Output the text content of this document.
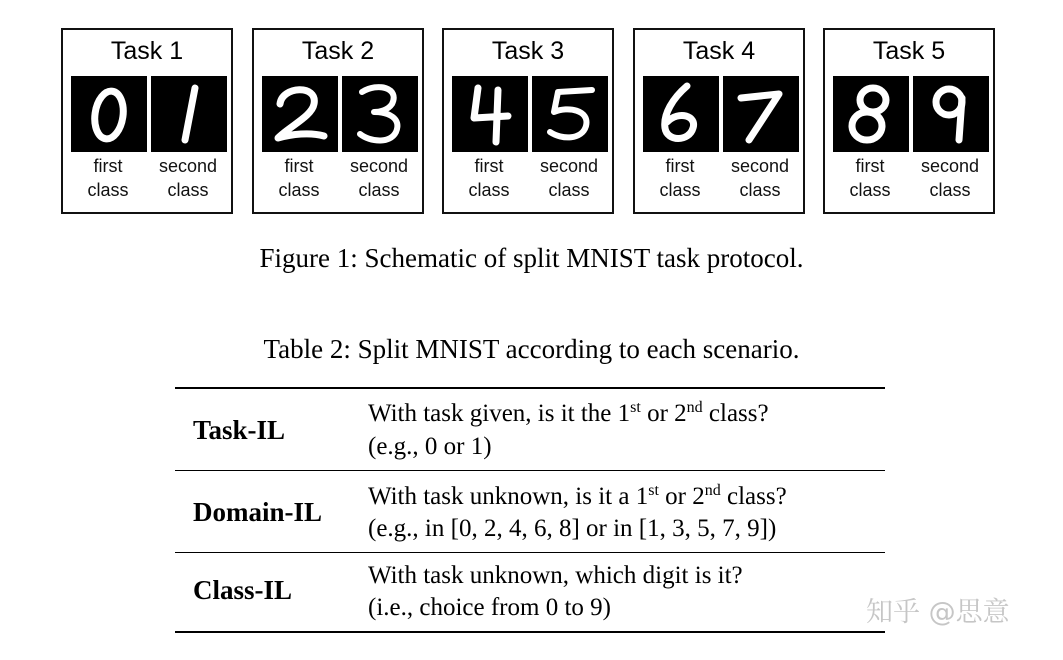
Task 1
first
class
second
class
Task 2
first
class
second
class
Task 3
first
class
second
class
Task 4
first
class
second
class
Task 5
first
class
second
class
Figure 1: Schematic of split MNIST task protocol.
Table 2: Split MNIST according to each scenario.
Task-IL
With task given, is it the 1st or 2nd class?
(e.g., 0 or 1)
Domain-IL
With task unknown, is it a 1st or 2nd class?
(e.g., in [0, 2, 4, 6, 8] or in [1, 3, 5, 7, 9])
Class-IL	With task unknown, which digit is it?
(i.e., choice from 0 to 9)	知乎 @思意
